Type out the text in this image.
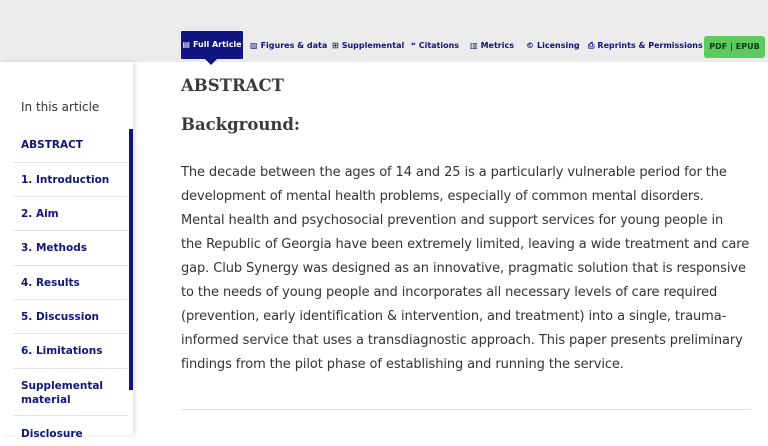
▤ Full Article ▨ Figures & data ⊞ Supplemental ❝ Citations ▥ Metrics © Licensing ⎙ Reprints & Permissions PDF | EPUB
In this article
ABSTRACT
1. Introduction
2. Aim
3. Methods
4. Results
5. Discussion
6. Limitations
Supplemental material
Disclosure
ABSTRACT
Background:
The decade between the ages of 14 and 25 is a particularly vulnerable period for the
development of mental health problems, especially of common mental disorders.
Mental health and psychosocial prevention and support services for young people in
the Republic of Georgia have been extremely limited, leaving a wide treatment and care
gap. Club Synergy was designed as an innovative, pragmatic solution that is responsive
to the needs of young people and incorporates all necessary levels of care required
(prevention, early identification & intervention, and treatment) into a single, trauma-
informed service that uses a transdiagnostic approach. This paper presents preliminary
findings from the pilot phase of establishing and running the service.
